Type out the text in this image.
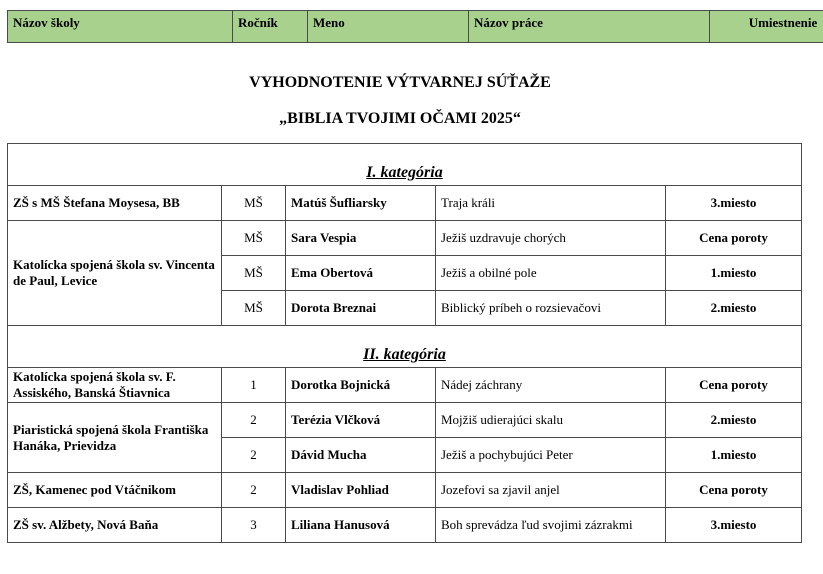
Názov školy	Ročník	Meno	Názov práce	Umiestnenie
VYHODNOTENIE VÝTVARNEJ SÚŤAŽE
„BIBLIA TVOJIMI OČAMI 2025“
I. kategória				
ZŠ s MŠ Štefana Moysesa, BB	MŠ	Matúš Šufliarsky	Traja králi	3.miesto
Katolícka spojená škola sv. Vincenta de Paul, Levice	MŠ	Sara Vespia	Ježiš uzdravuje chorých	Cena poroty
	MŠ	Ema Obertová	Ježiš a obilné pole	1.miesto
	MŠ	Dorota Breznai	Biblický príbeh o rozsievačovi	2.miesto
II. kategória				
Katolícka spojená škola sv. F. Assiského, Banská Štiavnica	1	Dorotka Bojnická	Nádej záchrany	Cena poroty
Piaristická spojená škola Františka Hanáka, Prievidza	2	Terézia Vlčková	Mojžiš udierajúci skalu	2.miesto
	2	Dávid Mucha	Ježiš a pochybujúci Peter	1.miesto
ZŠ, Kamenec pod Vtáčnikom	2	Vladislav Pohliad	Jozefovi sa zjavil anjel	Cena poroty
ZŠ sv. Alžbety, Nová Baňa	3	Liliana Hanusová	Boh sprevádza ľud svojimi zázrakmi	3.miesto
